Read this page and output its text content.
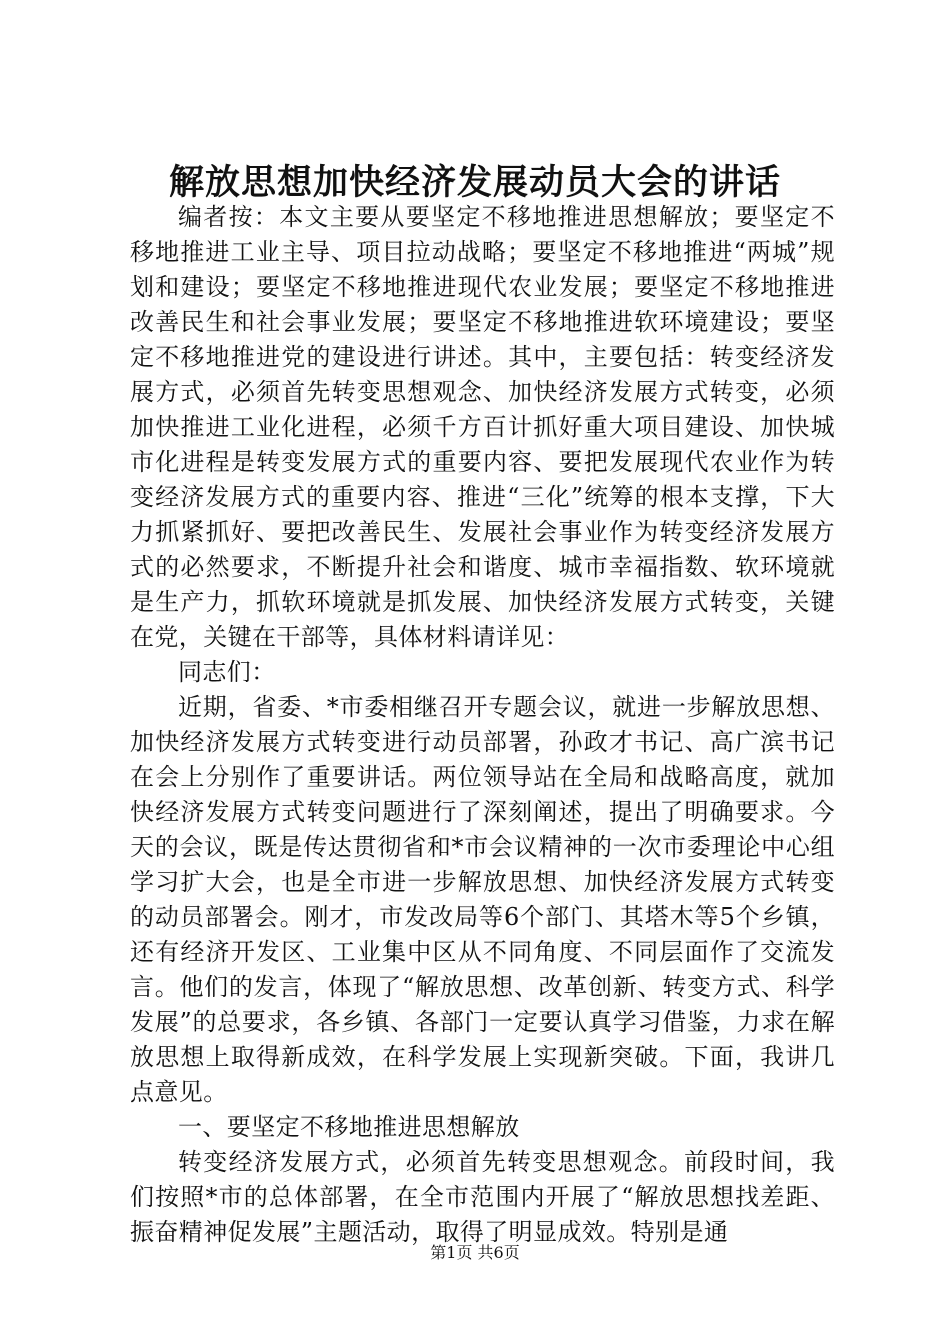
解放思想加快经济发展动员大会的讲话

编者按：本文主要从要坚定不移地推进思想解放；要坚定不移地推进工业主导、项目拉动战略；要坚定不移地推进“两城”规划和建设；要坚定不移地推进现代农业发展；要坚定不移地推进改善民生和社会事业发展；要坚定不移地推进软环境建设；要坚定不移地推进党的建设进行讲述。其中，主要包括：转变经济发展方式，必须首先转变思想观念、加快经济发展方式转变，必须加快推进工业化进程，必须千方百计抓好重大项目建设、加快城市化进程是转变发展方式的重要内容、要把发展现代农业作为转变经济发展方式的重要内容、推进“三化”统筹的根本支撑，下大力抓紧抓好、要把改善民生、发展社会事业作为转变经济发展方式的必然要求，不断提升社会和谐度、城市幸福指数、软环境就是生产力，抓软环境就是抓发展、加快经济发展方式转变，关键在党，关键在干部等，具体材料请详见：

同志们：

近期，省委、*市委相继召开专题会议，就进一步解放思想、加快经济发展方式转变进行动员部署，孙政才书记、高广滨书记在会上分别作了重要讲话。两位领导站在全局和战略高度，就加快经济发展方式转变问题进行了深刻阐述，提出了明确要求。今天的会议，既是传达贯彻省和*市会议精神的一次市委理论中心组学习扩大会，也是全市进一步解放思想、加快经济发展方式转变的动员部署会。刚才，市发改局等6个部门、其塔木等5个乡镇，还有经济开发区、工业集中区从不同角度、不同层面作了交流发言。他们的发言，体现了“解放思想、改革创新、转变方式、科学发展”的总要求，各乡镇、各部门一定要认真学习借鉴，力求在解放思想上取得新成效，在科学发展上实现新突破。下面，我讲几点意见。

一、要坚定不移地推进思想解放

转变经济发展方式，必须首先转变思想观念。前段时间，我们按照*市的总体部署，在全市范围内开展了“解放思想找差距、振奋精神促发展”主题活动，取得了明显成效。特别是通

第1页 共6页
